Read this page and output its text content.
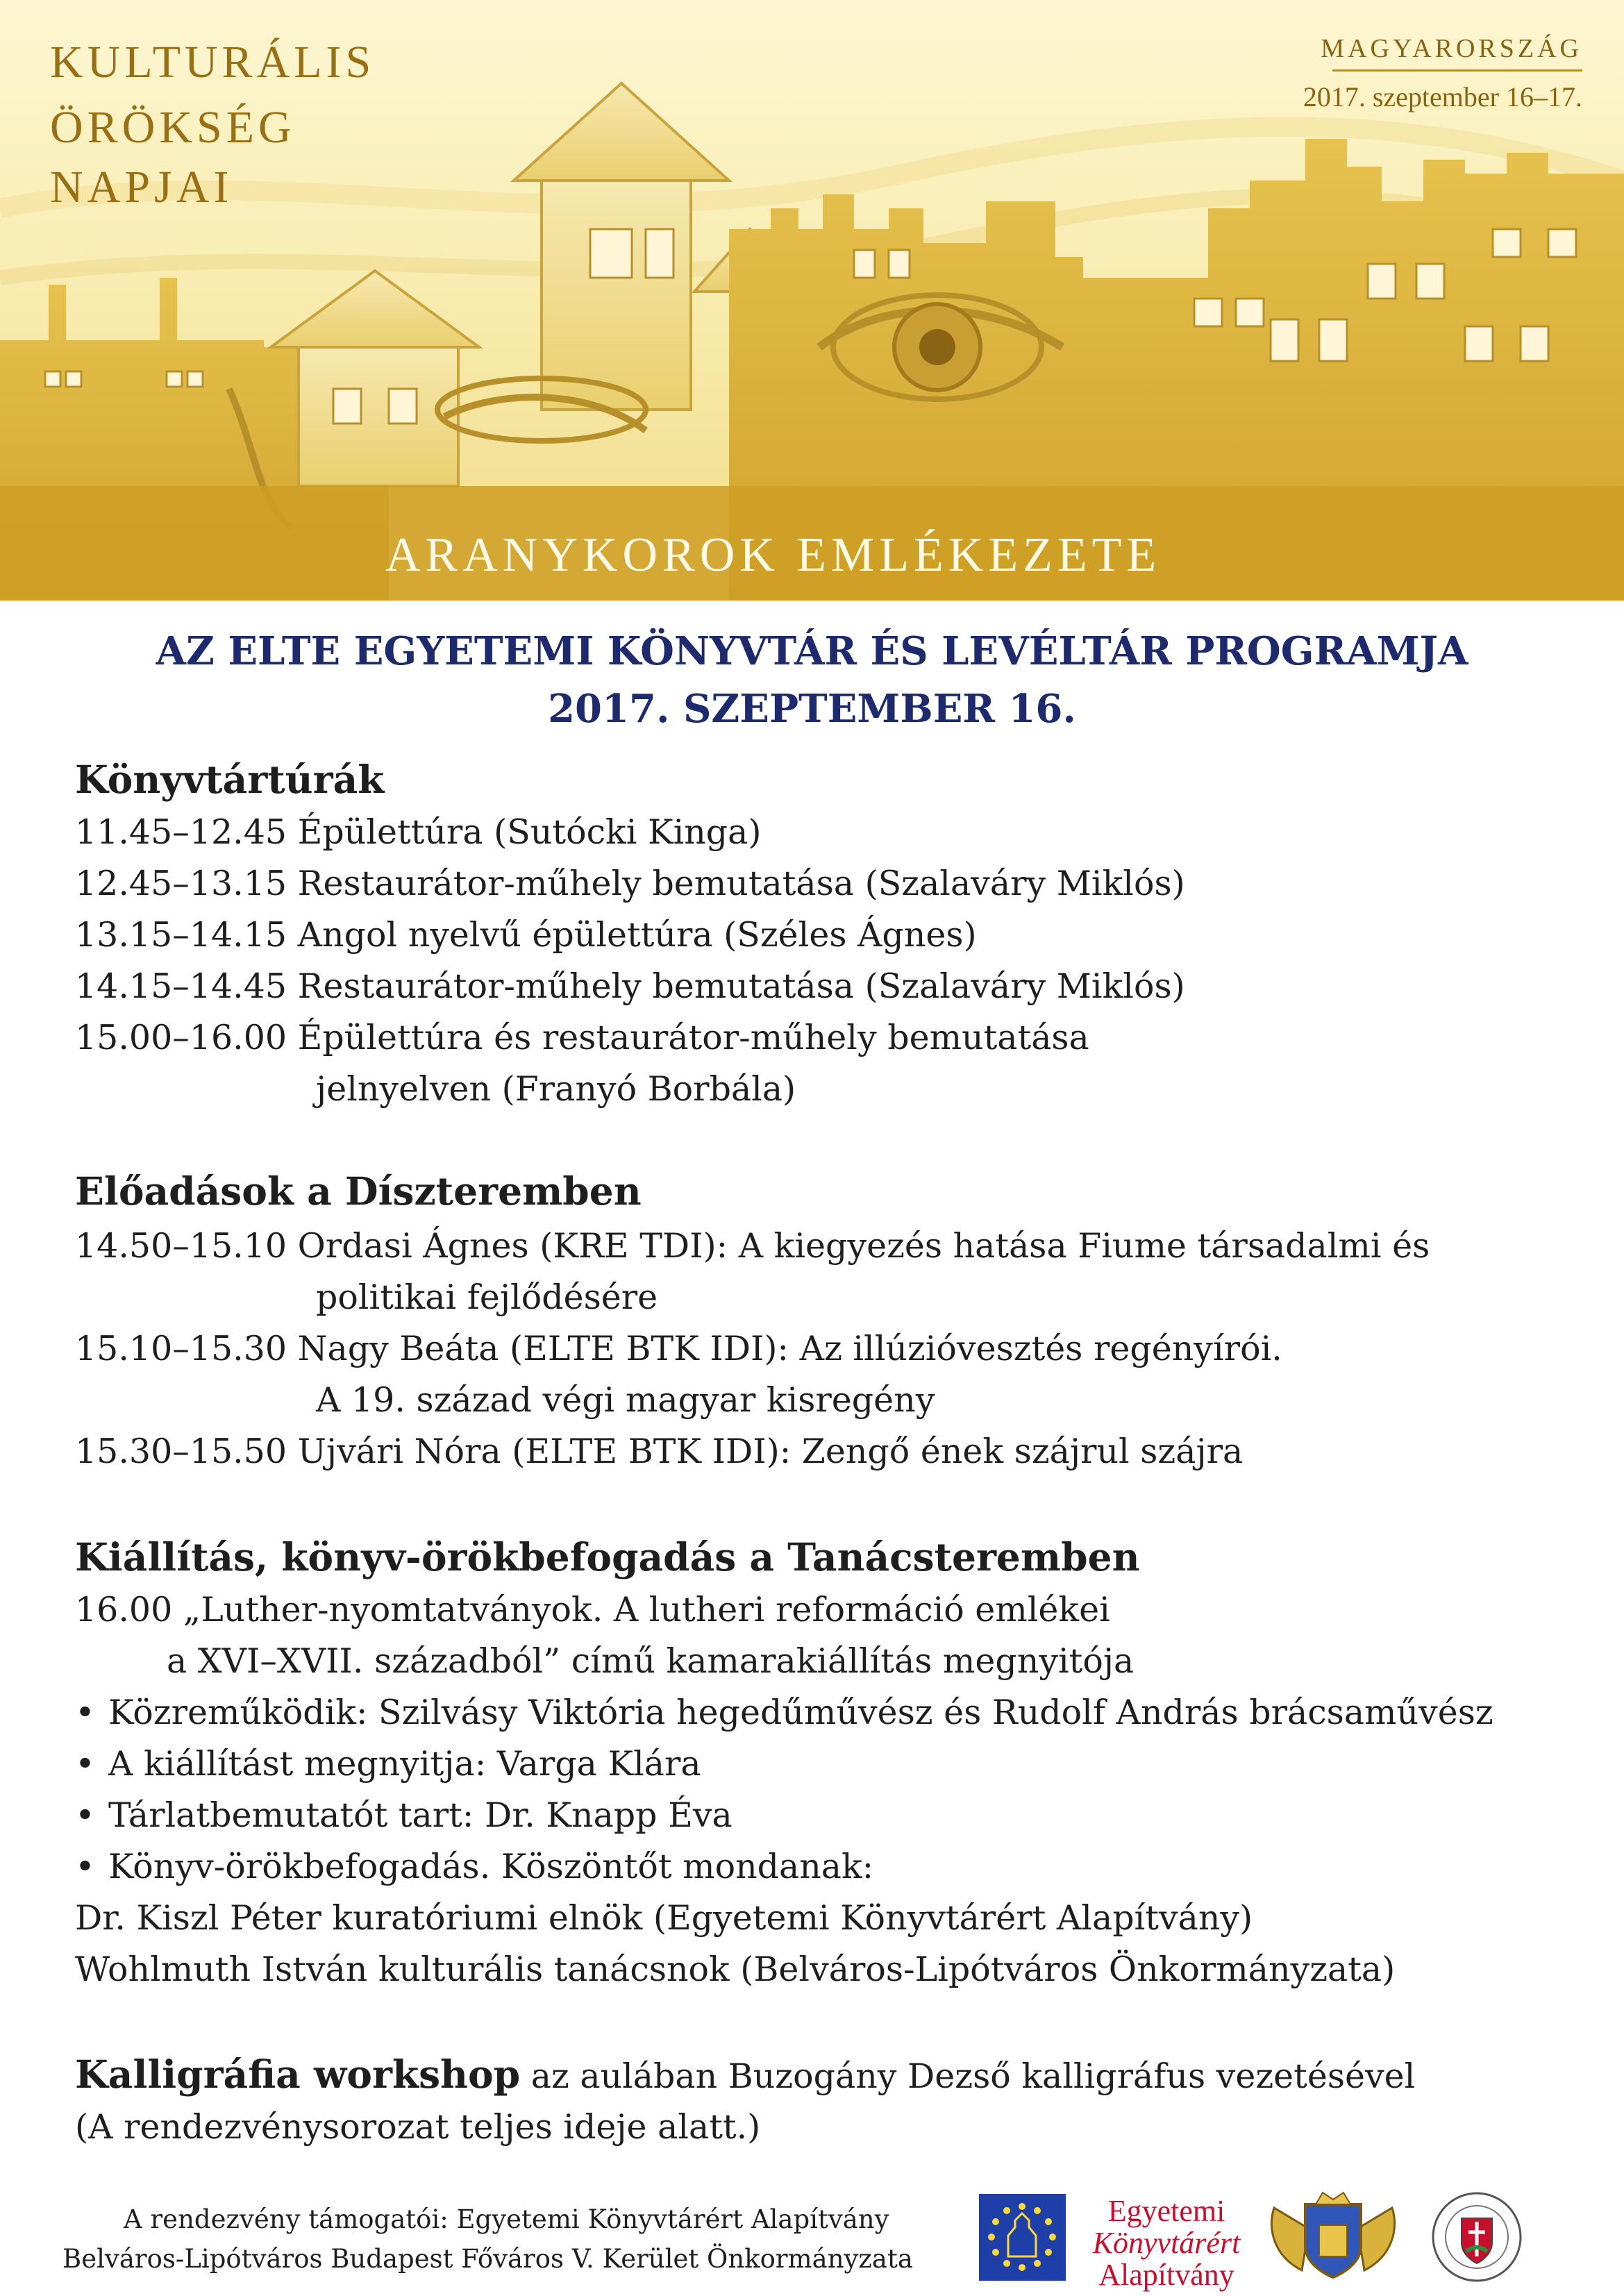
KULTURÁLIS
ÖRÖKSÉG
NAPJAI
MAGYARORSZÁG
2017. szeptember 16–17.
ARANYKOROK EMLÉKEZETE
AZ ELTE EGYETEMI KÖNYVTÁR ÉS LEVÉLTÁR PROGRAMJA
2017. SZEPTEMBER 16.
Könyvtártúrák
11.45–12.45 Épülettúra (Sutócki Kinga)
12.45–13.15 Restaurátor-műhely bemutatása (Szalaváry Miklós)
13.15–14.15 Angol nyelvű épülettúra (Széles Ágnes)
14.15–14.45 Restaurátor-műhely bemutatása (Szalaváry Miklós)
15.00–16.00 Épülettúra és restaurátor-műhely bemutatása
jelnyelven (Franyó Borbála)
Előadások a Díszteremben
14.50–15.10 Ordasi Ágnes (KRE TDI): A kiegyezés hatása Fiume társadalmi és
politikai fejlődésére
15.10–15.30 Nagy Beáta (ELTE BTK IDI): Az illúzióvesztés regényírói.
A 19. század végi magyar kisregény
15.30–15.50 Ujvári Nóra (ELTE BTK IDI): Zengő ének szájrul szájra
Kiállítás, könyv-örökbefogadás a Tanácsteremben
16.00 „Luther-nyomtatványok. A lutheri reformáció emlékei
a XVI–XVII. századból” című kamarakiállítás megnyitója
• Közreműködik: Szilvásy Viktória hegedűművész és Rudolf András brácsaművész
• A kiállítást megnyitja: Varga Klára
• Tárlatbemutatót tart: Dr. Knapp Éva
• Könyv-örökbefogadás. Köszöntőt mondanak:
Dr. Kiszl Péter kuratóriumi elnök (Egyetemi Könyvtárért Alapítvány)
Wohlmuth István kulturális tanácsnok (Belváros-Lipótváros Önkormányzata)
Kalligráfia workshop az aulában Buzogány Dezső kalligráfus vezetésével
(A rendezvénysorozat teljes ideje alatt.)
A rendezvény támogatói: Egyetemi Könyvtárért Alapítvány
Belváros-Lipótváros Budapest Főváros V. Kerület Önkormányzata
Egyetemi
Könyvtárért
Alapítvány
